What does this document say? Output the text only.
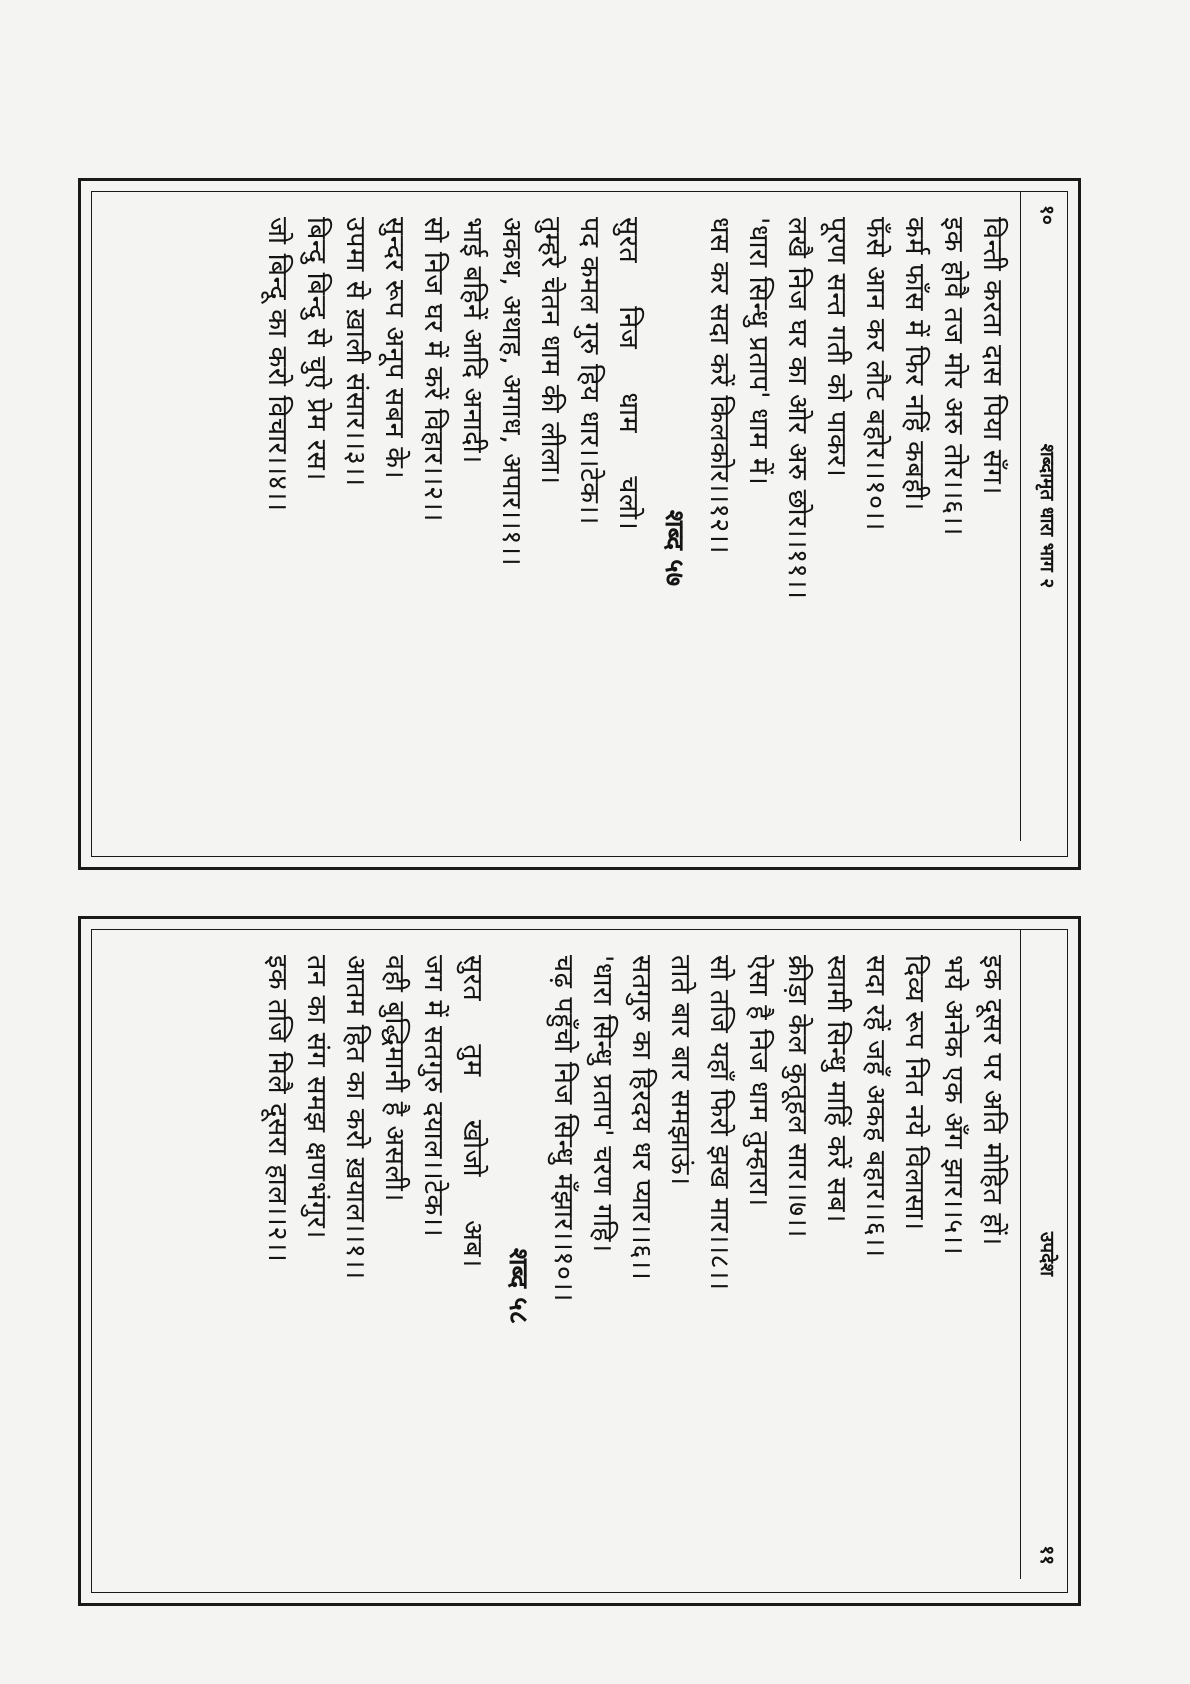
१०
शब्दामृत धारा भाग २
विन्ती करता दास पिया सँग।
इक होवै तज मोर अरु तोर।।६।।
कर्म फाँस में फिर नहिं कबही।
फँसे आन कर लौट बहोर।।१०।।
पूरण सन्त गती को पाकर।
लखै निज घर का ओर अरु छोर।।११।।
'धारा सिन्धु प्रताप' धाम में।
धस कर सदा करें किलकोर।।१२।।
शब्द ५७
सुरत निज धाम चलो।
पद कमल गुरु हिय धार।।टेक।।
तुम्हरे चेतन धाम की लीला।
अकथ, अथाह, अगाध, अपार।।१।।
भाई बहिनें आदि अनादी।
सो निज घर में करें विहार।।२।।
सुन्दर रूप अनूप सबन के।
उपमा से ख़ाली संसार।।३।।
बिन्दु बिन्दु से चुऐ प्रेम रस।
जो बिन्दू का करो विचार।।४।।
उपदेश
११
इक दूसर पर अति मोहित हों।
भये अनेक एक अँग झार।।५।।
दिव्य रूप नित नये विलासा।
सदा रहें जहँ अकह बहार।।६।।
स्वामी सिन्धु माहिं करें सब।
क्रीड़ा केल कुतूहल सार।।७।।
ऐसा है निज धाम तुम्हारा।
सो तजि यहाँ फिरो झख मार।।८।।
ताते बार बार समझाऊं।
सतगुरु का हिरदय धर प्यार।।६।।
'धारा सिन्धु प्रताप' चरण गहि।
चढ़ पहुँचो निज सिन्धु मँझार।।१०।।
शब्द ५८
सुरत तुम खोजो अब।
जग में सतगुरु दयाल।।टेक।।
वही बुद्धिमानी है असली।
आतम हित का करो ख़याल।।१।।
तन का संग समझ क्षणभंगुर।
इक तजि मिलै दूसरा हाल।।२।।
